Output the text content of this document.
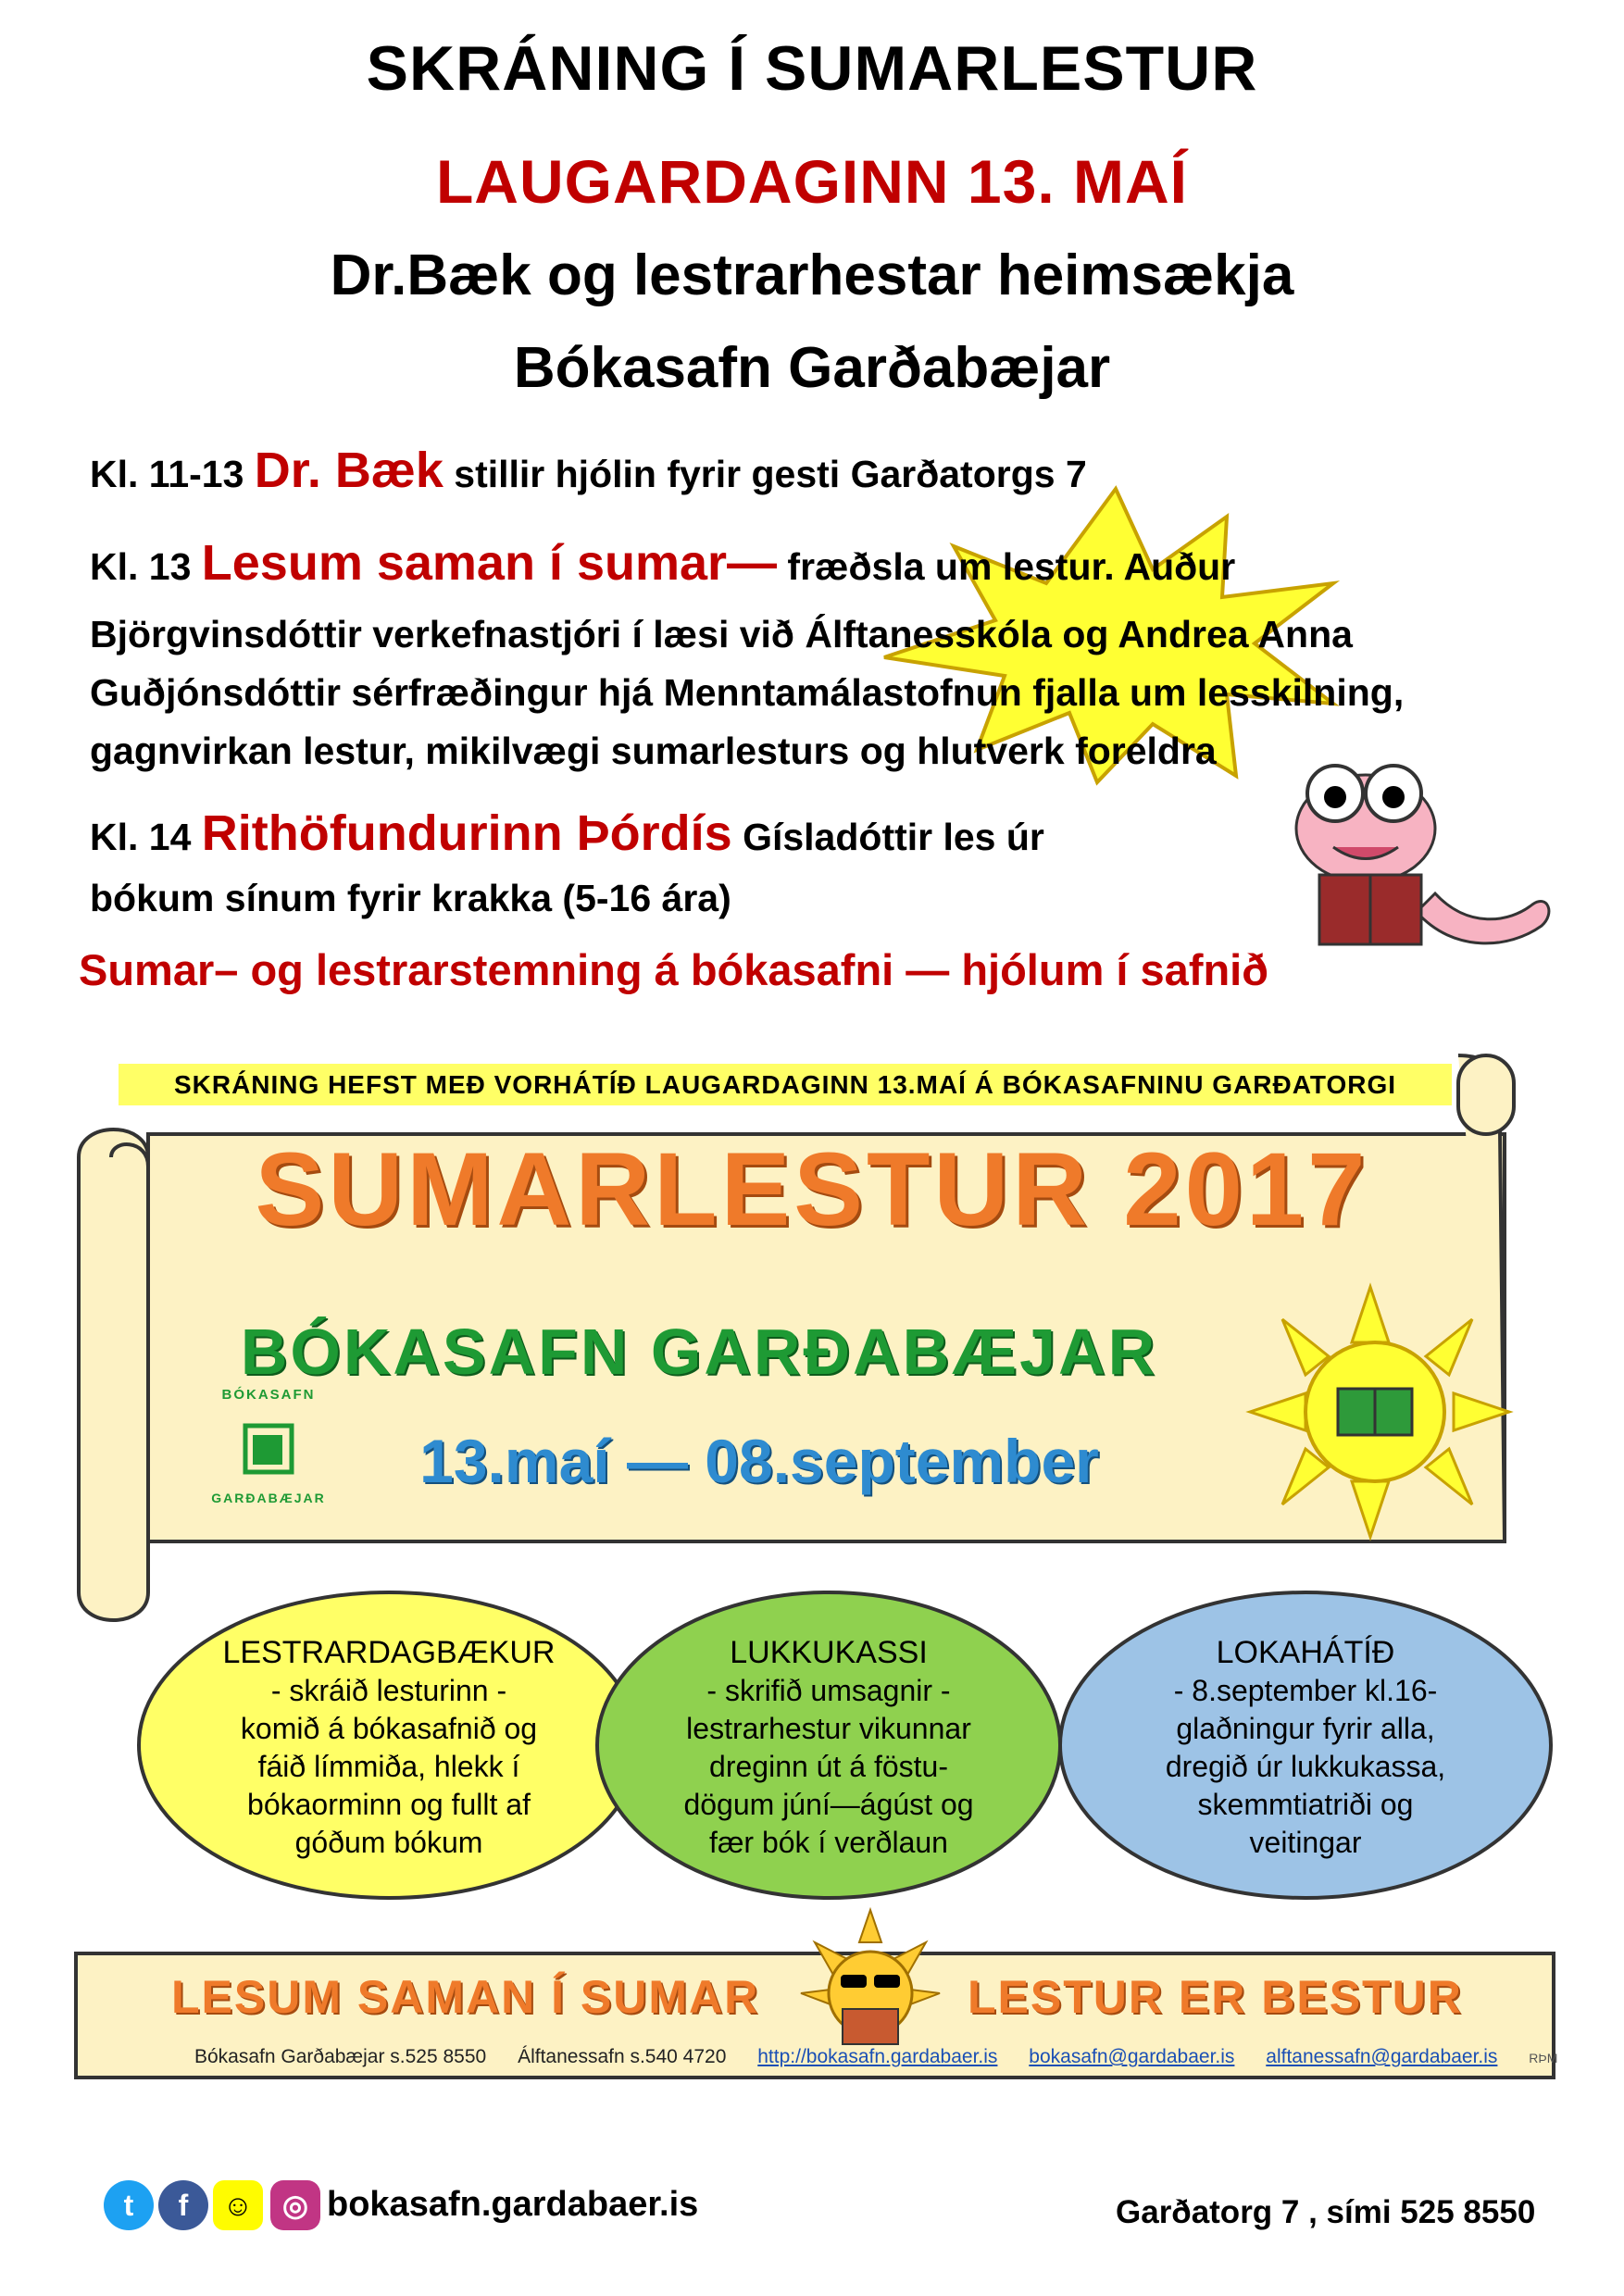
SKRÁNING Í SUMARLESTUR
LAUGARDAGINN 13. MAÍ
Dr.Bæk og lestrarhestar heimsækja
Bókasafn Garðabæjar
Kl. 11-13 Dr. Bæk stillir hjólin fyrir gesti Garðatorgs 7
Kl. 13 Lesum saman í sumar— fræðsla um lestur. Auður
Björgvinsdóttir verkefnastjóri í læsi við Álftanesskóla og Andrea Anna
Guðjónsdóttir sérfræðingur hjá Menntamálastofnun fjalla um lesskilning,
gagnvirkan lestur, mikilvægi sumarlesturs og hlutverk foreldra
Kl. 14 Rithöfundurinn Þórdís Gísladóttir les úr
bókum sínum fyrir krakka (5-16 ára)
Sumar– og lestrarstemning á bókasafni — hjólum í safnið
SKRÁNING HEFST MEÐ VORHÁTÍÐ LAUGARDAGINN 13.MAÍ Á BÓKASAFNINU GARÐATORGI
SUMARLESTUR 2017
BÓKASAFN GARÐABÆJAR
13.maí — 08.september
BÓKASAFN
GARÐABÆJAR
LESTRARDAGBÆKUR
- skráið lesturinn -
komið á bókasafnið og
fáið límmiða, hlekk í
bókaorminn og fullt af
góðum bókum
LUKKUKASSI
- skrifið umsagnir -
lestrarhestur vikunnar
dreginn út á föstu-
dögum júní—ágúst og
fær bók í verðlaun
LOKAHÁTÍÐ
- 8.september kl.16-
glaðningur fyrir alla,
dregið úr lukkukassa,
skemmtiatriði og
veitingar
LESUM SAMAN Í SUMAR	LESTUR ER BESTUR
Bókasafn Garðabæjar s.525 8550 Álftanessafn s.540 4720 http://bokasafn.gardabaer.is bokasafn@gardabaer.is alftanessafn@gardabaer.is RÞM
t	f	☺ ◎ bokasafn.gardabaer.is	Garðatorg 7 , sími 525 8550
